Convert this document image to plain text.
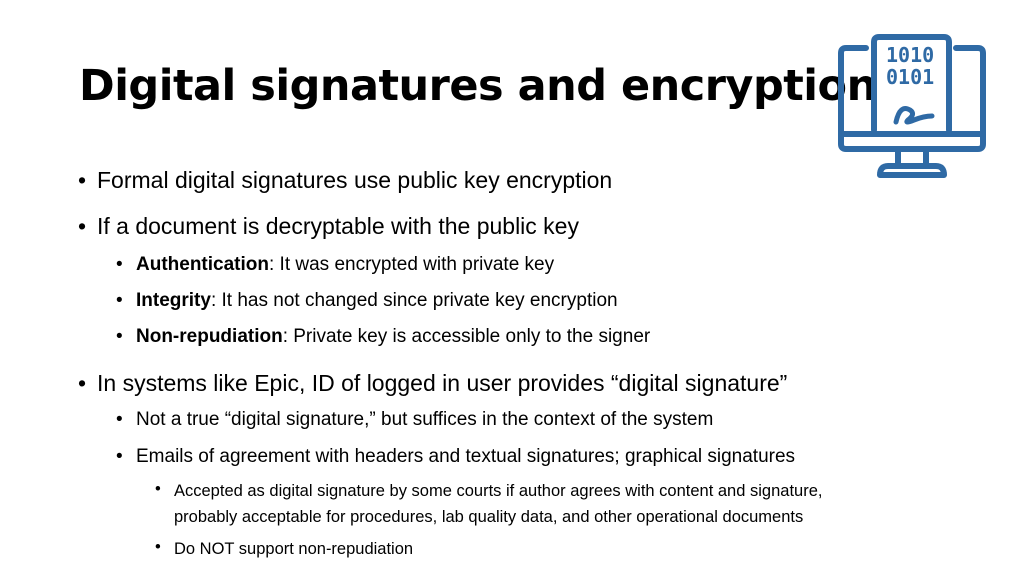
Digital signatures and encryption
1010
0101
• Formal digital signatures use public key encryption
• If a document is decryptable with the public key
• Authentication: It was encrypted with private key
• Integrity: It has not changed since private key encryption
• Non-repudiation: Private key is accessible only to the signer
• In systems like Epic, ID of logged in user provides “digital signature”
• Not a true “digital signature,” but suffices in the context of the system
• Emails of agreement with headers and textual signatures; graphical signatures
• Accepted as digital signature by some courts if author agrees with content and signature,
probably acceptable for procedures, lab quality data, and other operational documents
• Do NOT support non-repudiation
